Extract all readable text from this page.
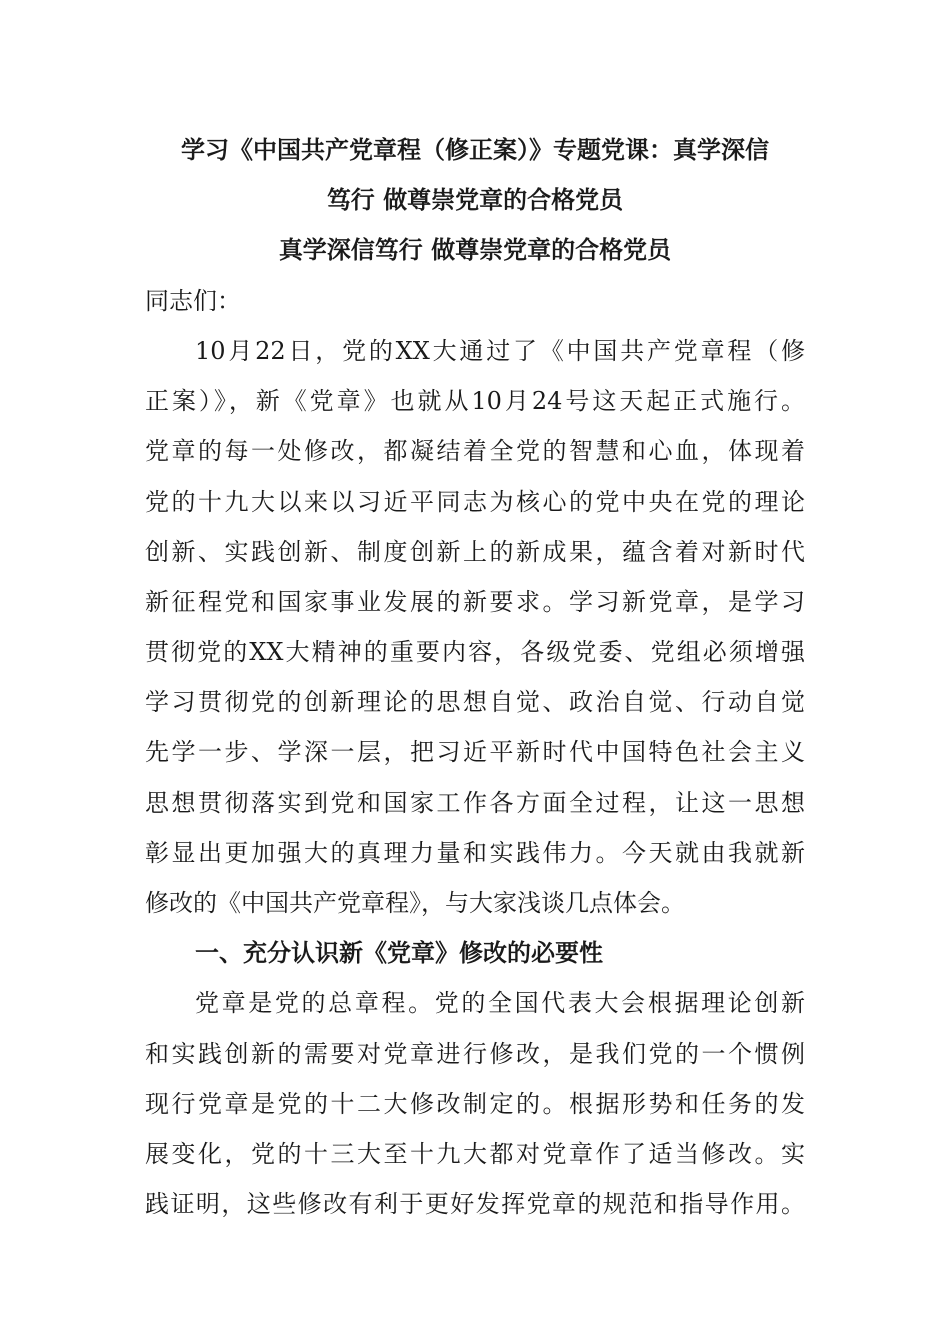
学习《中国共产党章程（修正案）》专题党课：真学深信
笃行 做尊崇党章的合格党员
真学深信笃行 做尊崇党章的合格党员

同志们：

10月22日，党的XX大通过了《中国共产党章程（修

正案）》，新《党章》也就从10月24号这天起正式施行。

党章的每一处修改，都凝结着全党的智慧和心血，体现着

党的十九大以来以习近平同志为核心的党中央在党的理论

创新、实践创新、制度创新上的新成果，蕴含着对新时代

新征程党和国家事业发展的新要求。学习新党章，是学习

贯彻党的XX大精神的重要内容，各级党委、党组必须增强

学习贯彻党的创新理论的思想自觉、政治自觉、行动自觉

先学一步、学深一层，把习近平新时代中国特色社会主义

思想贯彻落实到党和国家工作各方面全过程，让这一思想

彰显出更加强大的真理力量和实践伟力。今天就由我就新

修改的《中国共产党章程》，与大家浅谈几点体会。

一、充分认识新《党章》修改的必要性

党章是党的总章程。党的全国代表大会根据理论创新

和实践创新的需要对党章进行修改，是我们党的一个惯例

现行党章是党的十二大修改制定的。根据形势和任务的发

展变化，党的十三大至十九大都对党章作了适当修改。实

践证明，这些修改有利于更好发挥党章的规范和指导作用。
